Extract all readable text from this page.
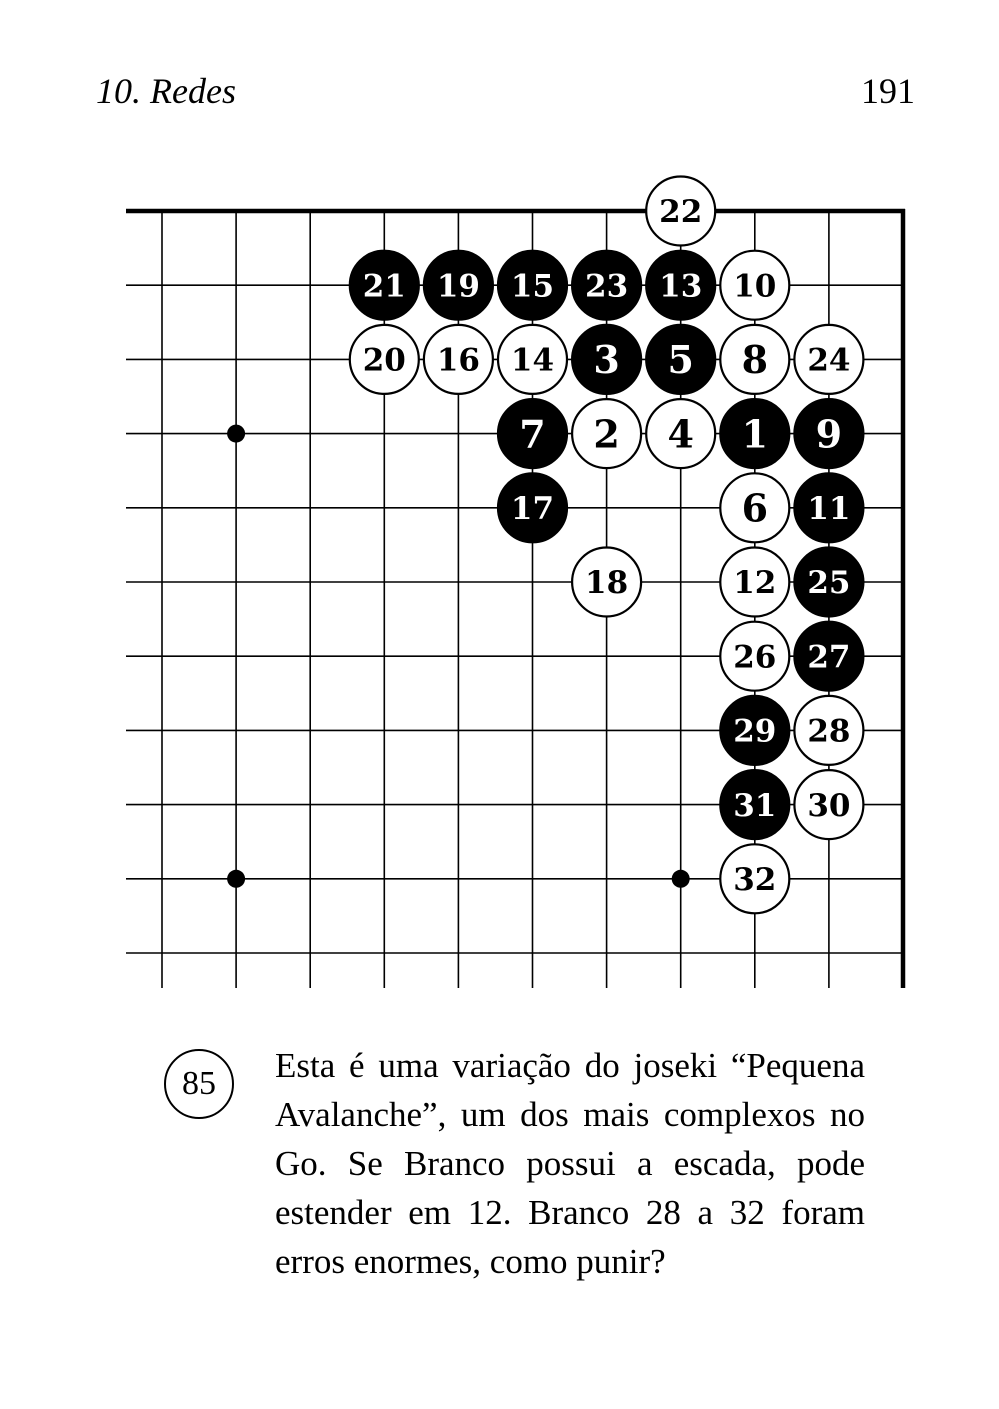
10. Redes	191
1
2
3
4
5
6
7
8
9
10
11
12
13
14
15
16
17
18
19
20
21
22
23
24
25
26 27
28
29
30
31
32
85 Esta é uma variação do joseki “Pequena
Avalanche”, um dos mais complexos no
Go. Se Branco possui a escada, pode
estender em 12. Branco 28 a 32 foram
erros enormes, como punir?
